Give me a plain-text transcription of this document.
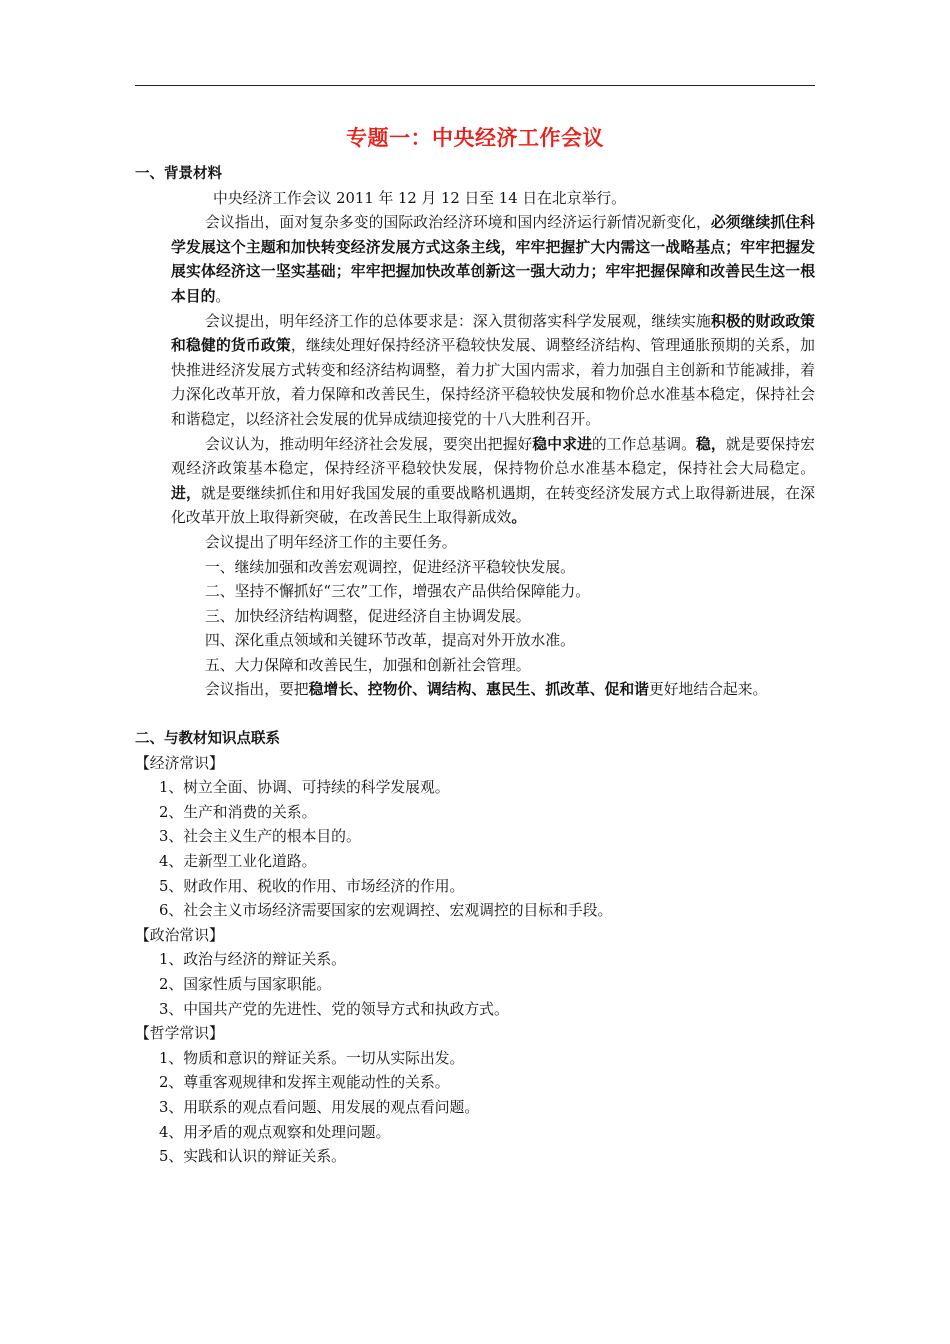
专题一：中央经济工作会议

一、背景材料

中央经济工作会议 2011 年 12 月 12 日至 14 日在北京举行。

会议指出，面对复杂多变的国际政治经济环境和国内经济运行新情况新变化，必须继续抓住科学发展这个主题和加快转变经济发展方式这条主线，牢牢把握扩大内需这一战略基点；牢牢把握发展实体经济这一坚实基础；牢牢把握加快改革创新这一强大动力；牢牢把握保障和改善民生这一根本目的。

会议提出，明年经济工作的总体要求是：深入贯彻落实科学发展观，继续实施积极的财政政策和稳健的货币政策，继续处理好保持经济平稳较快发展、调整经济结构、管理通胀预期的关系，加快推进经济发展方式转变和经济结构调整，着力扩大国内需求，着力加强自主创新和节能减排，着力深化改革开放，着力保障和改善民生，保持经济平稳较快发展和物价总水准基本稳定，保持社会和谐稳定，以经济社会发展的优异成绩迎接党的十八大胜利召开。

会议认为，推动明年经济社会发展，要突出把握好稳中求进的工作总基调。稳，就是要保持宏观经济政策基本稳定，保持经济平稳较快发展，保持物价总水准基本稳定，保持社会大局稳定。进，就是要继续抓住和用好我国发展的重要战略机遇期，在转变经济发展方式上取得新进展，在深化改革开放上取得新突破，在改善民生上取得新成效。

会议提出了明年经济工作的主要任务。

一、继续加强和改善宏观调控，促进经济平稳较快发展。

二、坚持不懈抓好“三农”工作，增强农产品供给保障能力。

三、加快经济结构调整，促进经济自主协调发展。

四、深化重点领域和关键环节改革，提高对外开放水准。

五、大力保障和改善民生，加强和创新社会管理。

会议指出，要把稳增长、控物价、调结构、惠民生、抓改革、促和谐更好地结合起来。

二、与教材知识点联系

【经济常识】

1、树立全面、协调、可持续的科学发展观。

2、生产和消费的关系。

3、社会主义生产的根本目的。

4、走新型工业化道路。

5、财政作用、税收的作用、市场经济的作用。

6、社会主义市场经济需要国家的宏观调控、宏观调控的目标和手段。

【政治常识】

1、政治与经济的辩证关系。

2、国家性质与国家职能。

3、中国共产党的先进性、党的领导方式和执政方式。

【哲学常识】

1、物质和意识的辩证关系。一切从实际出发。

2、尊重客观规律和发挥主观能动性的关系。

3、用联系的观点看问题、用发展的观点看问题。

4、用矛盾的观点观察和处理问题。

5、实践和认识的辩证关系。
